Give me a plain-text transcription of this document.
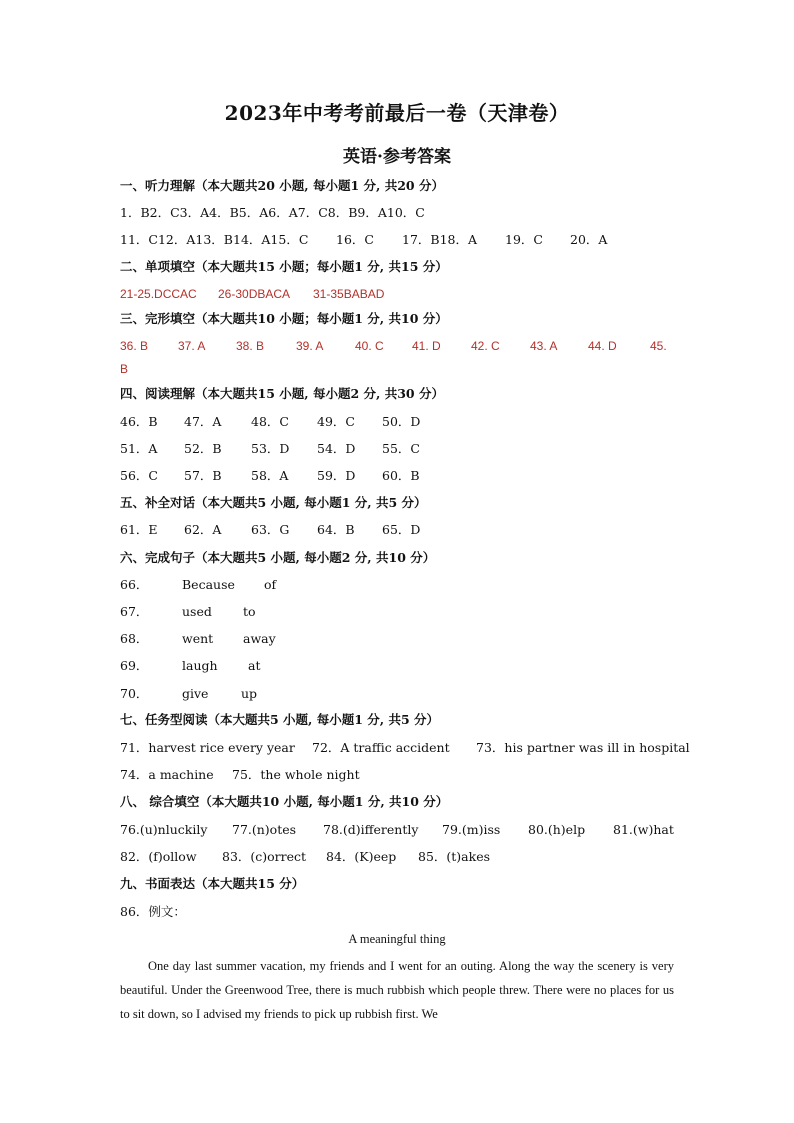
2023年中考考前最后一卷（天津卷）
英语·参考答案
一、听力理解（本大题共20 小题, 每小题1 分, 共20 分）
1．B2．C3．A4．B5．A6．A7．C8．B9．A10．C
11．C12．A13．B14．A15．C 16．C 17．B18．A 19．C 20．A
二、单项填空（本大题共15 小题；每小题1 分, 共15 分）
21-25.DCCAC 26-30DBACA 31-35BABAD
三、完形填空（本大题共10 小题；每小题1 分, 共10 分）
36. B 37. A	38. B	39. A	40. C 41. D	42. C	43. A	44. D	45.
B
四、阅读理解（本大题共15 小题, 每小题2 分, 共30 分）
46．B 47．A 48．C 49．C 50．D
51．A 52．B 53．D 54．D 55．C
56．C 57．B 58．A 59．D 60．B
五、补全对话（本大题共5 小题, 每小题1 分, 共5 分）
61．E 62．A 63．G 64．B 65．D
六、完成句子（本大题共5 小题, 每小题2 分, 共10 分）
66．	Because of
67．	used to
68．	went away
69．	laugh at
70．	give	up
七、任务型阅读（本大题共5 小题, 每小题1 分, 共5 分）
71．harvest rice every year 72．A traffic accident 73．his partner was ill in hospital
74．a machine 75．the whole night
八、 综合填空（本大题共10 小题, 每小题1 分, 共10 分）
76.(u)nluckily 77.(n)otes 78.(d)ifferently 79.(m)iss 80.(h)elp 81.(w)hat
82．(f)ollow 83．(c)orrect 84．(K)eep 85．(t)akes
九、书面表达（本大题共15 分）
86．例文：
A meaningful thing
One day last summer vacation, my friends and I went for an outing. Along the way the scenery is very beautiful. Under the Greenwood Tree, there is much rubbish which people threw. There were no places for us to sit down, so I advised my friends to pick up rubbish first. We
